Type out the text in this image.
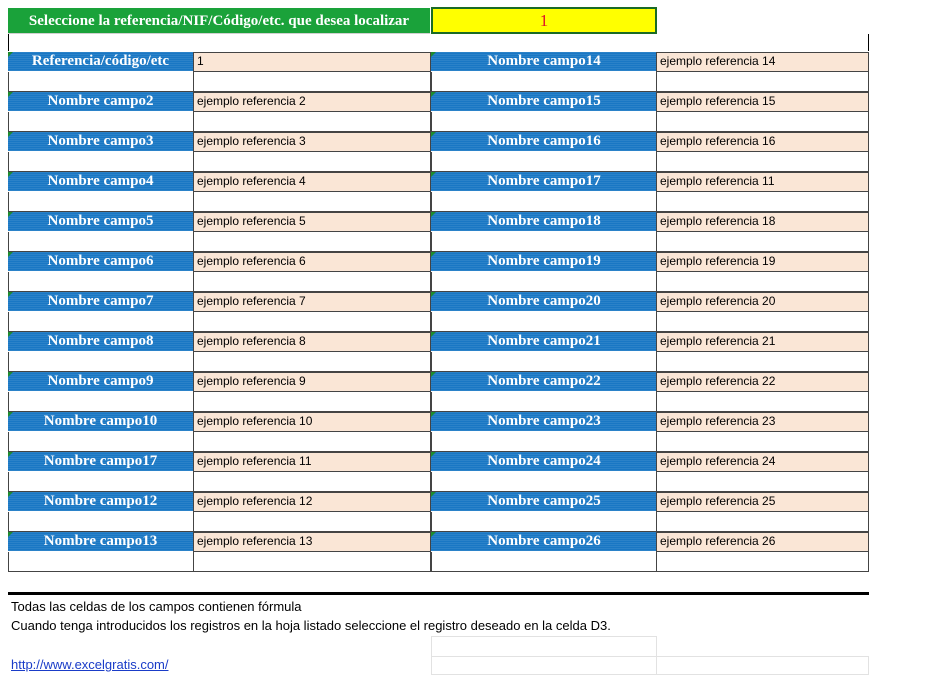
Seleccione la referencia/NIF/Código/etc. que desea localizar	1
Referencia/código/etc	1
Nombre campo2	ejemplo referencia 2
Nombre campo3	ejemplo referencia 3
Nombre campo4	ejemplo referencia 4
Nombre campo5	ejemplo referencia 5
Nombre campo6	ejemplo referencia 6
Nombre campo7	ejemplo referencia 7
Nombre campo8	ejemplo referencia 8
Nombre campo9	ejemplo referencia 9
Nombre campo10	ejemplo referencia 10
Nombre campo17	ejemplo referencia 11
Nombre campo12	ejemplo referencia 12
Nombre campo13	ejemplo referencia 13
Nombre campo14	ejemplo referencia 14
Nombre campo15	ejemplo referencia 15
Nombre campo16	ejemplo referencia 16
Nombre campo17	ejemplo referencia 11
Nombre campo18	ejemplo referencia 18
Nombre campo19	ejemplo referencia 19
Nombre campo20	ejemplo referencia 20
Nombre campo21	ejemplo referencia 21
Nombre campo22	ejemplo referencia 22
Nombre campo23	ejemplo referencia 23
Nombre campo24	ejemplo referencia 24
Nombre campo25	ejemplo referencia 25
Nombre campo26	ejemplo referencia 26
Todas las celdas de los campos contienen fórmula
Cuando tenga introducidos los registros en la hoja listado seleccione el registro deseado en la celda D3.
http://www.excelgratis.com/
